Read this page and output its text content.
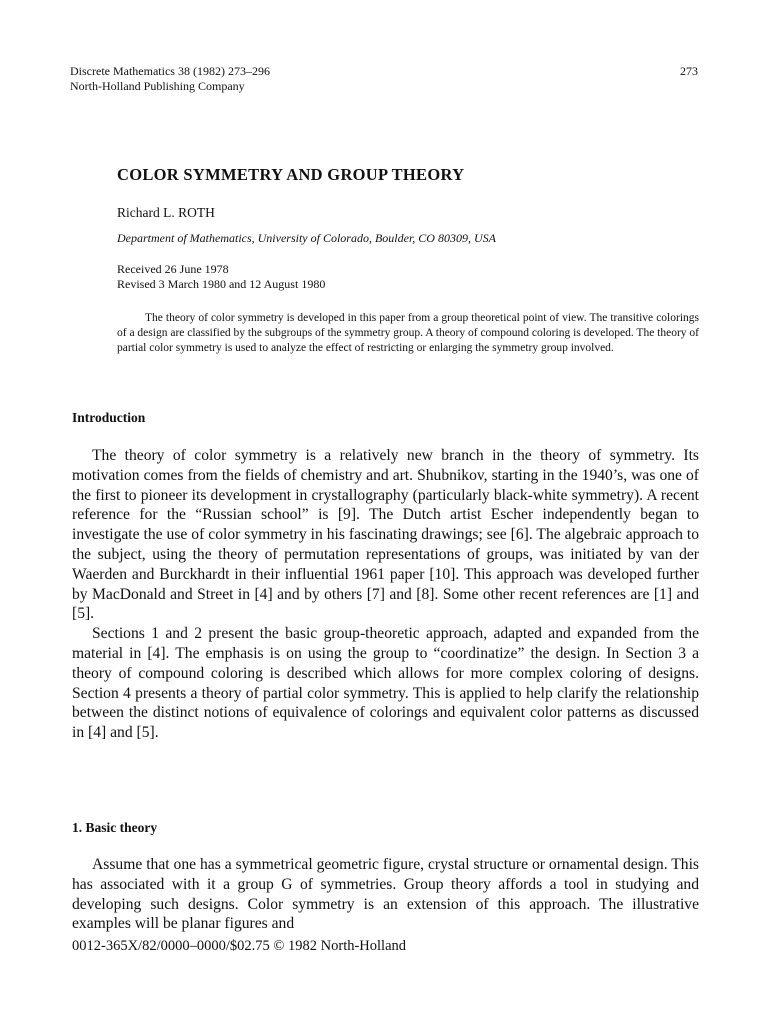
Discrete Mathematics 38 (1982) 273–296
North-Holland Publishing Company
273
COLOR SYMMETRY AND GROUP THEORY
Richard L. ROTH
Department of Mathematics, University of Colorado, Boulder, CO 80309, USA
Received 26 June 1978
Revised 3 March 1980 and 12 August 1980
The theory of color symmetry is developed in this paper from a group theoretical point of view. The transitive colorings of a design are classified by the subgroups of the symmetry group. A theory of compound coloring is developed. The theory of partial color symmetry is used to analyze the effect of restricting or enlarging the symmetry group involved.
Introduction

The theory of color symmetry is a relatively new branch in the theory of symmetry. Its motivation comes from the fields of chemistry and art. Shubnikov, starting in the 1940’s, was one of the first to pioneer its development in crystallography (particularly black-white symmetry). A recent reference for the “Russian school” is [9]. The Dutch artist Escher independently began to investigate the use of color symmetry in his fascinating drawings; see [6]. The algebraic approach to the subject, using the theory of permutation representations of groups, was initiated by van der Waerden and Burckhardt in their influential 1961 paper [10]. This approach was developed further by MacDonald and Street in [4] and by others [7] and [8]. Some other recent references are [1] and [5].

Sections 1 and 2 present the basic group-theoretic approach, adapted and expanded from the material in [4]. The emphasis is on using the group to “coordinatize” the design. In Section 3 a theory of compound coloring is described which allows for more complex coloring of designs. Section 4 presents a theory of partial color symmetry. This is applied to help clarify the relationship between the distinct notions of equivalence of colorings and equivalent color patterns as discussed in [4] and [5].

1. Basic theory

Assume that one has a symmetrical geometric figure, crystal structure or ornamental design. This has associated with it a group G of symmetries. Group theory affords a tool in studying and developing such designs. Color symmetry is an extension of this approach. The illustrative examples will be planar figures and

0012-365X/82/0000–0000/$02.75 © 1982 North-Holland
